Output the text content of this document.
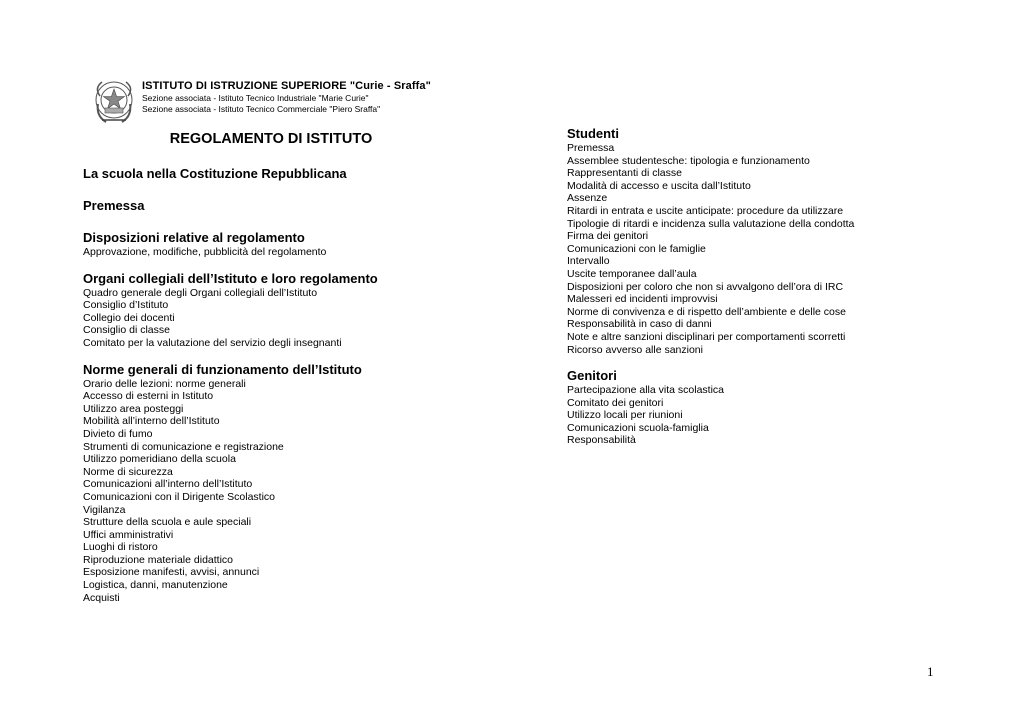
ISTITUTO DI ISTRUZIONE SUPERIORE "Curie - Sraffa"
Sezione associata - Istituto Tecnico Industriale "Marie Curie"
Sezione associata - Istituto Tecnico Commerciale "Piero Sraffa"
REGOLAMENTO DI ISTITUTO
La scuola nella Costituzione Repubblicana
Premessa
Disposizioni relative al regolamento
Approvazione, modifiche, pubblicità del regolamento
Organi collegiali dell’Istituto e loro regolamento
Quadro generale degli Organi collegiali dell’Istituto
Consiglio d’Istituto
Collegio dei docenti
Consiglio di classe
Comitato per la valutazione del servizio degli insegnanti
Norme generali di funzionamento dell’Istituto
Orario delle lezioni: norme generali
Accesso di esterni in Istituto
Utilizzo area posteggi
Mobilità all’interno dell’Istituto
Divieto di fumo
Strumenti di comunicazione e registrazione
Utilizzo pomeridiano della scuola
Norme di sicurezza
Comunicazioni all’interno dell’Istituto
Comunicazioni con il Dirigente Scolastico
Vigilanza
Strutture della scuola e aule speciali
Uffici amministrativi
Luoghi di ristoro
Riproduzione materiale didattico
Esposizione manifesti, avvisi, annunci
Logistica, danni, manutenzione
Acquisti
Studenti
Premessa
Assemblee studentesche: tipologia e funzionamento
Rappresentanti di classe
Modalità di accesso e uscita dall’Istituto
Assenze
Ritardi in entrata e uscite anticipate: procedure da utilizzare
Tipologie di ritardi e incidenza sulla valutazione della condotta
Firma dei genitori
Comunicazioni con le famiglie
Intervallo
Uscite temporanee dall’aula
Disposizioni per coloro che non si avvalgono dell’ora di IRC
Malesseri ed incidenti improvvisi
Norme di convivenza e di rispetto dell’ambiente e delle cose
Responsabilità in caso di danni
Note e altre sanzioni disciplinari per comportamenti scorretti
Ricorso avverso alle sanzioni
Genitori
Partecipazione alla vita scolastica
Comitato dei genitori
Utilizzo locali per riunioni
Comunicazioni scuola-famiglia
Responsabilità
1
